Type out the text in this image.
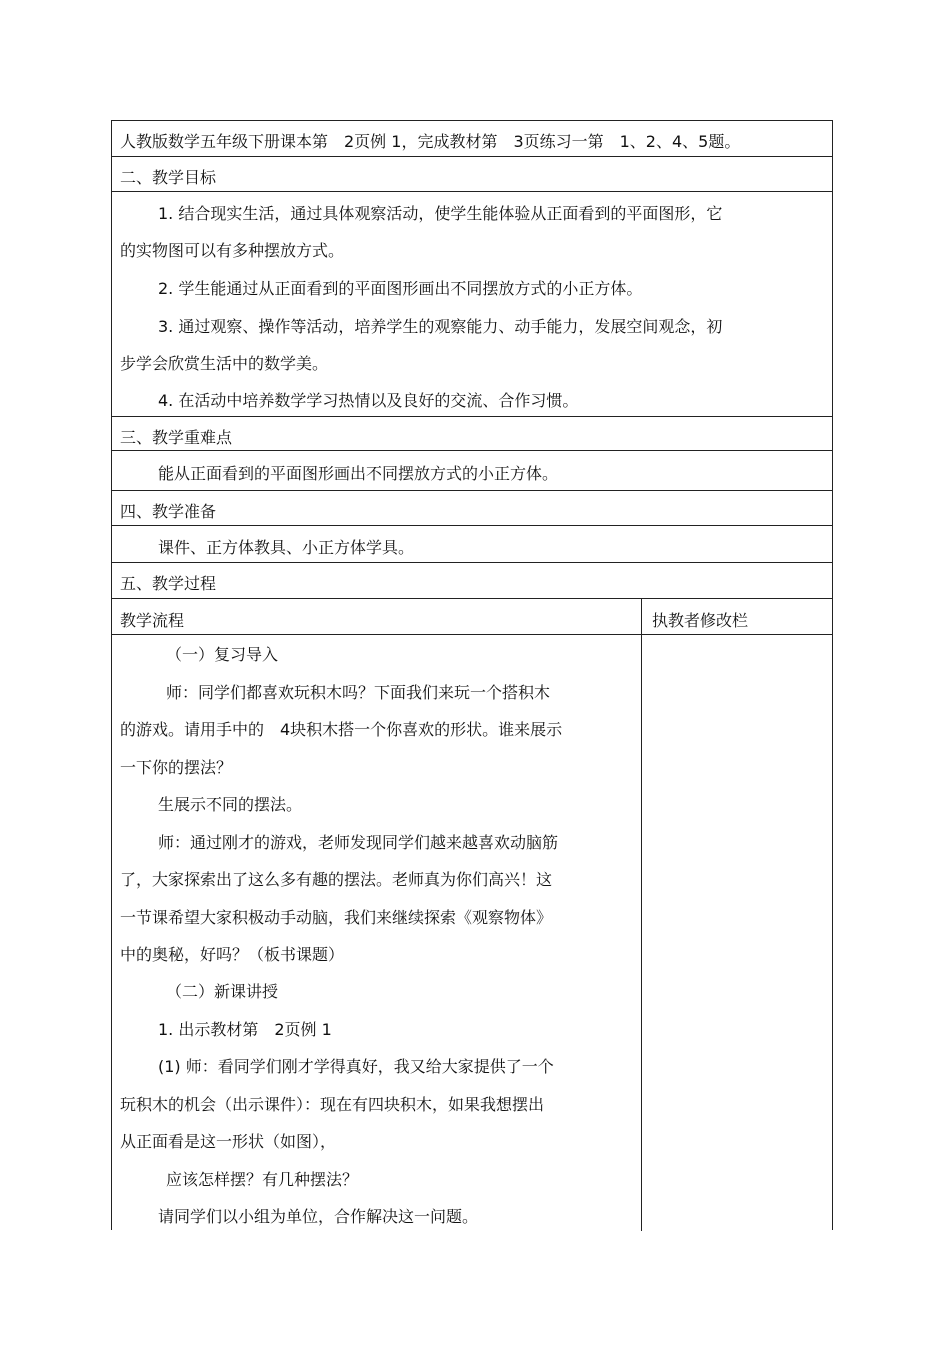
人教版数学五年级下册课本第　2页例 1，完成教材第　3页练习一第　1、2、4、5题。
二、教学目标
1. 结合现实生活，通过具体观察活动，使学生能体验从正面看到的平面图形，它
的实物图可以有多种摆放方式。
2. 学生能通过从正面看到的平面图形画出不同摆放方式的小正方体。
3. 通过观察、操作等活动，培养学生的观察能力、动手能力，发展空间观念，初
步学会欣赏生活中的数学美。
4. 在活动中培养数学学习热情以及良好的交流、合作习惯。
三、教学重难点
能从正面看到的平面图形画出不同摆放方式的小正方体。
四、教学准备
课件、正方体教具、小正方体学具。
五、教学过程
教学流程	执教者修改栏
（一）复习导入
师：同学们都喜欢玩积木吗？下面我们来玩一个搭积木
的游戏。请用手中的　4块积木搭一个你喜欢的形状。谁来展示
一下你的摆法？
生展示不同的摆法。
师：通过刚才的游戏，老师发现同学们越来越喜欢动脑筋
了，大家探索出了这么多有趣的摆法。老师真为你们高兴！这
一节课希望大家积极动手动脑，我们来继续探索《观察物体》
中的奥秘，好吗？（板书课题）
（二）新课讲授
1. 出示教材第　2页例 1
(1) 师：看同学们刚才学得真好，我又给大家提供了一个
玩积木的机会（出示课件）：现在有四块积木，如果我想摆出
从正面看是这一形状（如图），
应该怎样摆？有几种摆法？
请同学们以小组为单位，合作解决这一问题。
